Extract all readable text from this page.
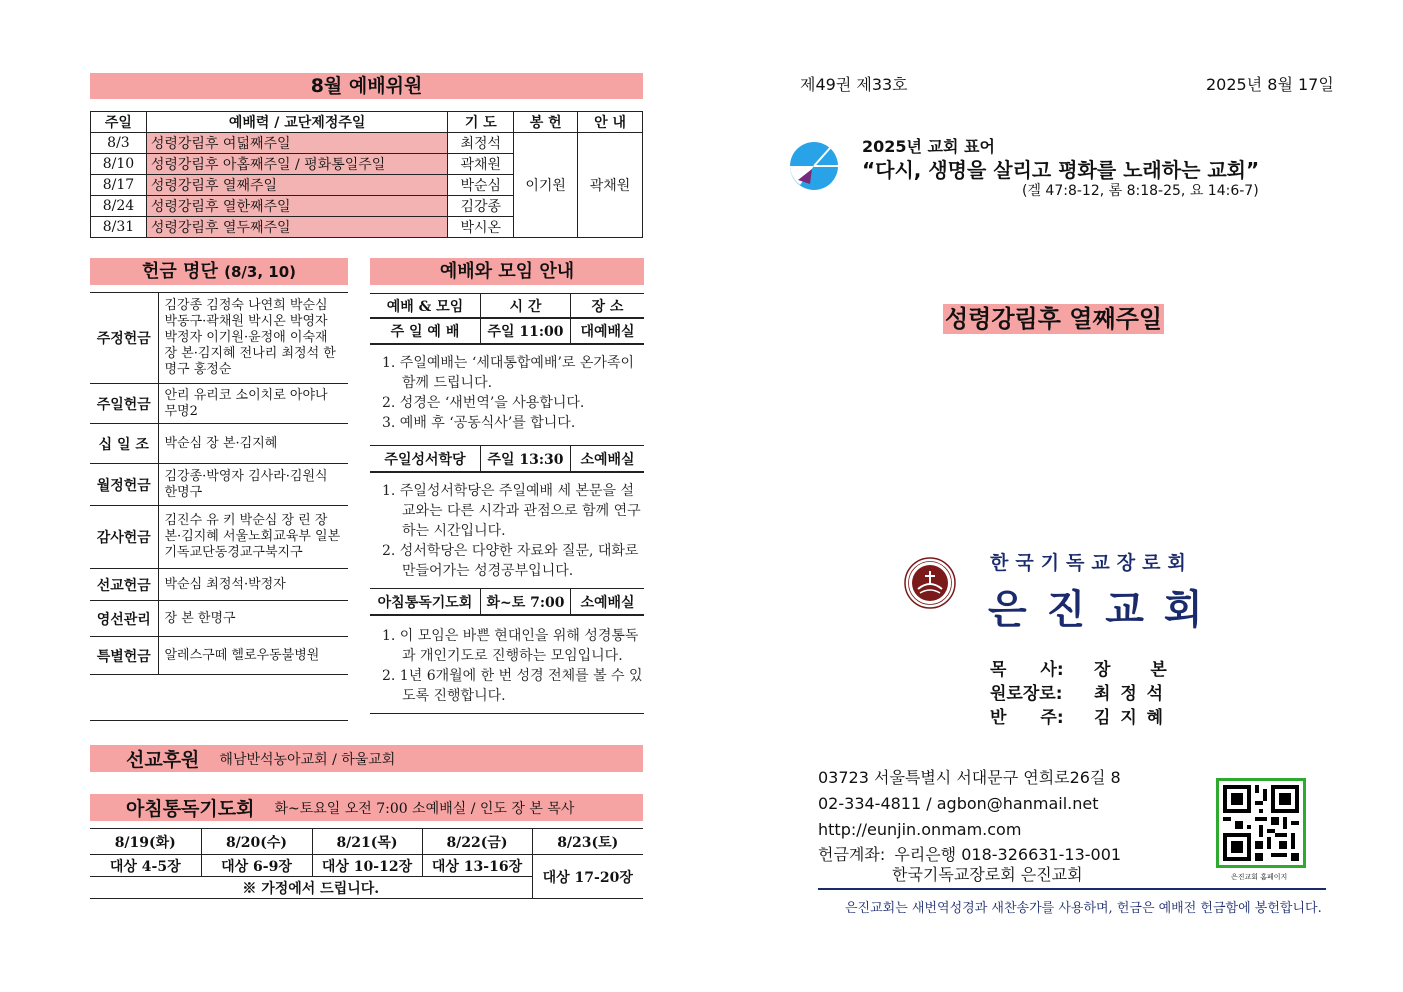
8월 예배위원
주일	예배력 / 교단제정주일	기 도	봉 헌	안 내
8/3	성령강림후 여덟째주일	최정석	이기원	곽채원
8/10	성령강림후 아홉째주일 / 평화통일주일	곽채원		
8/17	성령강림후 열째주일	박순심		
8/24	성령강림후 열한째주일	김강종		
8/31	성령강림후 열두째주일	박시온		
헌금 명단 (8/3, 10)
주정헌금	김강종 김정숙 나연희 박순심 박동구·곽채원 박시온 박영자 박정자 이기원·윤정애 이숙재 장 본·김지혜 전나리 최정석 한명구 홍정순
주일헌금	안리 유리코 소이치로 아야나 무명2
십 일 조	박순심 장 본·김지혜
월정헌금	김강종·박영자 김사라·김원식 한명구
감사헌금	김진수 유 키 박순심 장 린 장 본·김지혜 서울노회교육부 일본기독교단동경교구북지구
선교헌금	박순심 최정석·박정자
영선관리	장 본 한명구
특별헌금	알레스구떼 헬로우동불병원
예배와 모임 안내
예배 & 모임	시 간	장 소
주 일 예 배	주일 11:00	대예배실
1. 주일예배는 ‘세대통합예배’로 온가족이 함께 드립니다.
2. 성경은 ‘새번역’을 사용합니다.
3. 예배 후 ‘공동식사’를 합니다.
주일성서학당	주일 13:30	소예배실
1. 주일성서학당은 주일예배 세 본문을 설교와는 다른 시각과 관점으로 함께 연구하는 시간입니다.
2. 성서학당은 다양한 자료와 질문, 대화로 만들어가는 성경공부입니다.
아침통독기도회	화~토 7:00	소예배실
1. 이 모임은 바쁜 현대인을 위해 성경통독과 개인기도로 진행하는 모임입니다.
2. 1년 6개월에 한 번 성경 전체를 볼 수 있도록 진행합니다.
선교후원 해남반석농아교회 / 하울교회
아침통독기도회 화~토요일 오전 7:00 소예배실 / 인도 장 본 목사
8/19(화)	8/20(수)	8/21(목)	8/22(금)	8/23(토)
대상 4-5장	대상 6-9장	대상 10-12장	대상 13-16장	대상 17-20장
※ 가정에서 드립니다.				
제49권 제33호	2025년 8월 17일
2025년 교회 표어
“다시, 생명을 살리고 평화를 노래하는 교회”
(겔 47:8-12, 롬 8:18-25, 요 14:6-7)
성령강림후 열째주일
한국기독교장로회
은진교회
목　　사:	장　　본
원로장로:	최 정 석
반　　주:	김 지 혜
03723 서울특별시 서대문구 연희로26길 8
02-334-4811 / agbon@hanmail.net
http://eunjin.onmam.com
헌금계좌: 우리은행 018-326631-13-001
한국기독교장로회 은진교회	은진교회 홈페이지
은진교회는 새번역성경과 새찬송가를 사용하며, 헌금은 예배전 헌금함에 봉헌합니다.
